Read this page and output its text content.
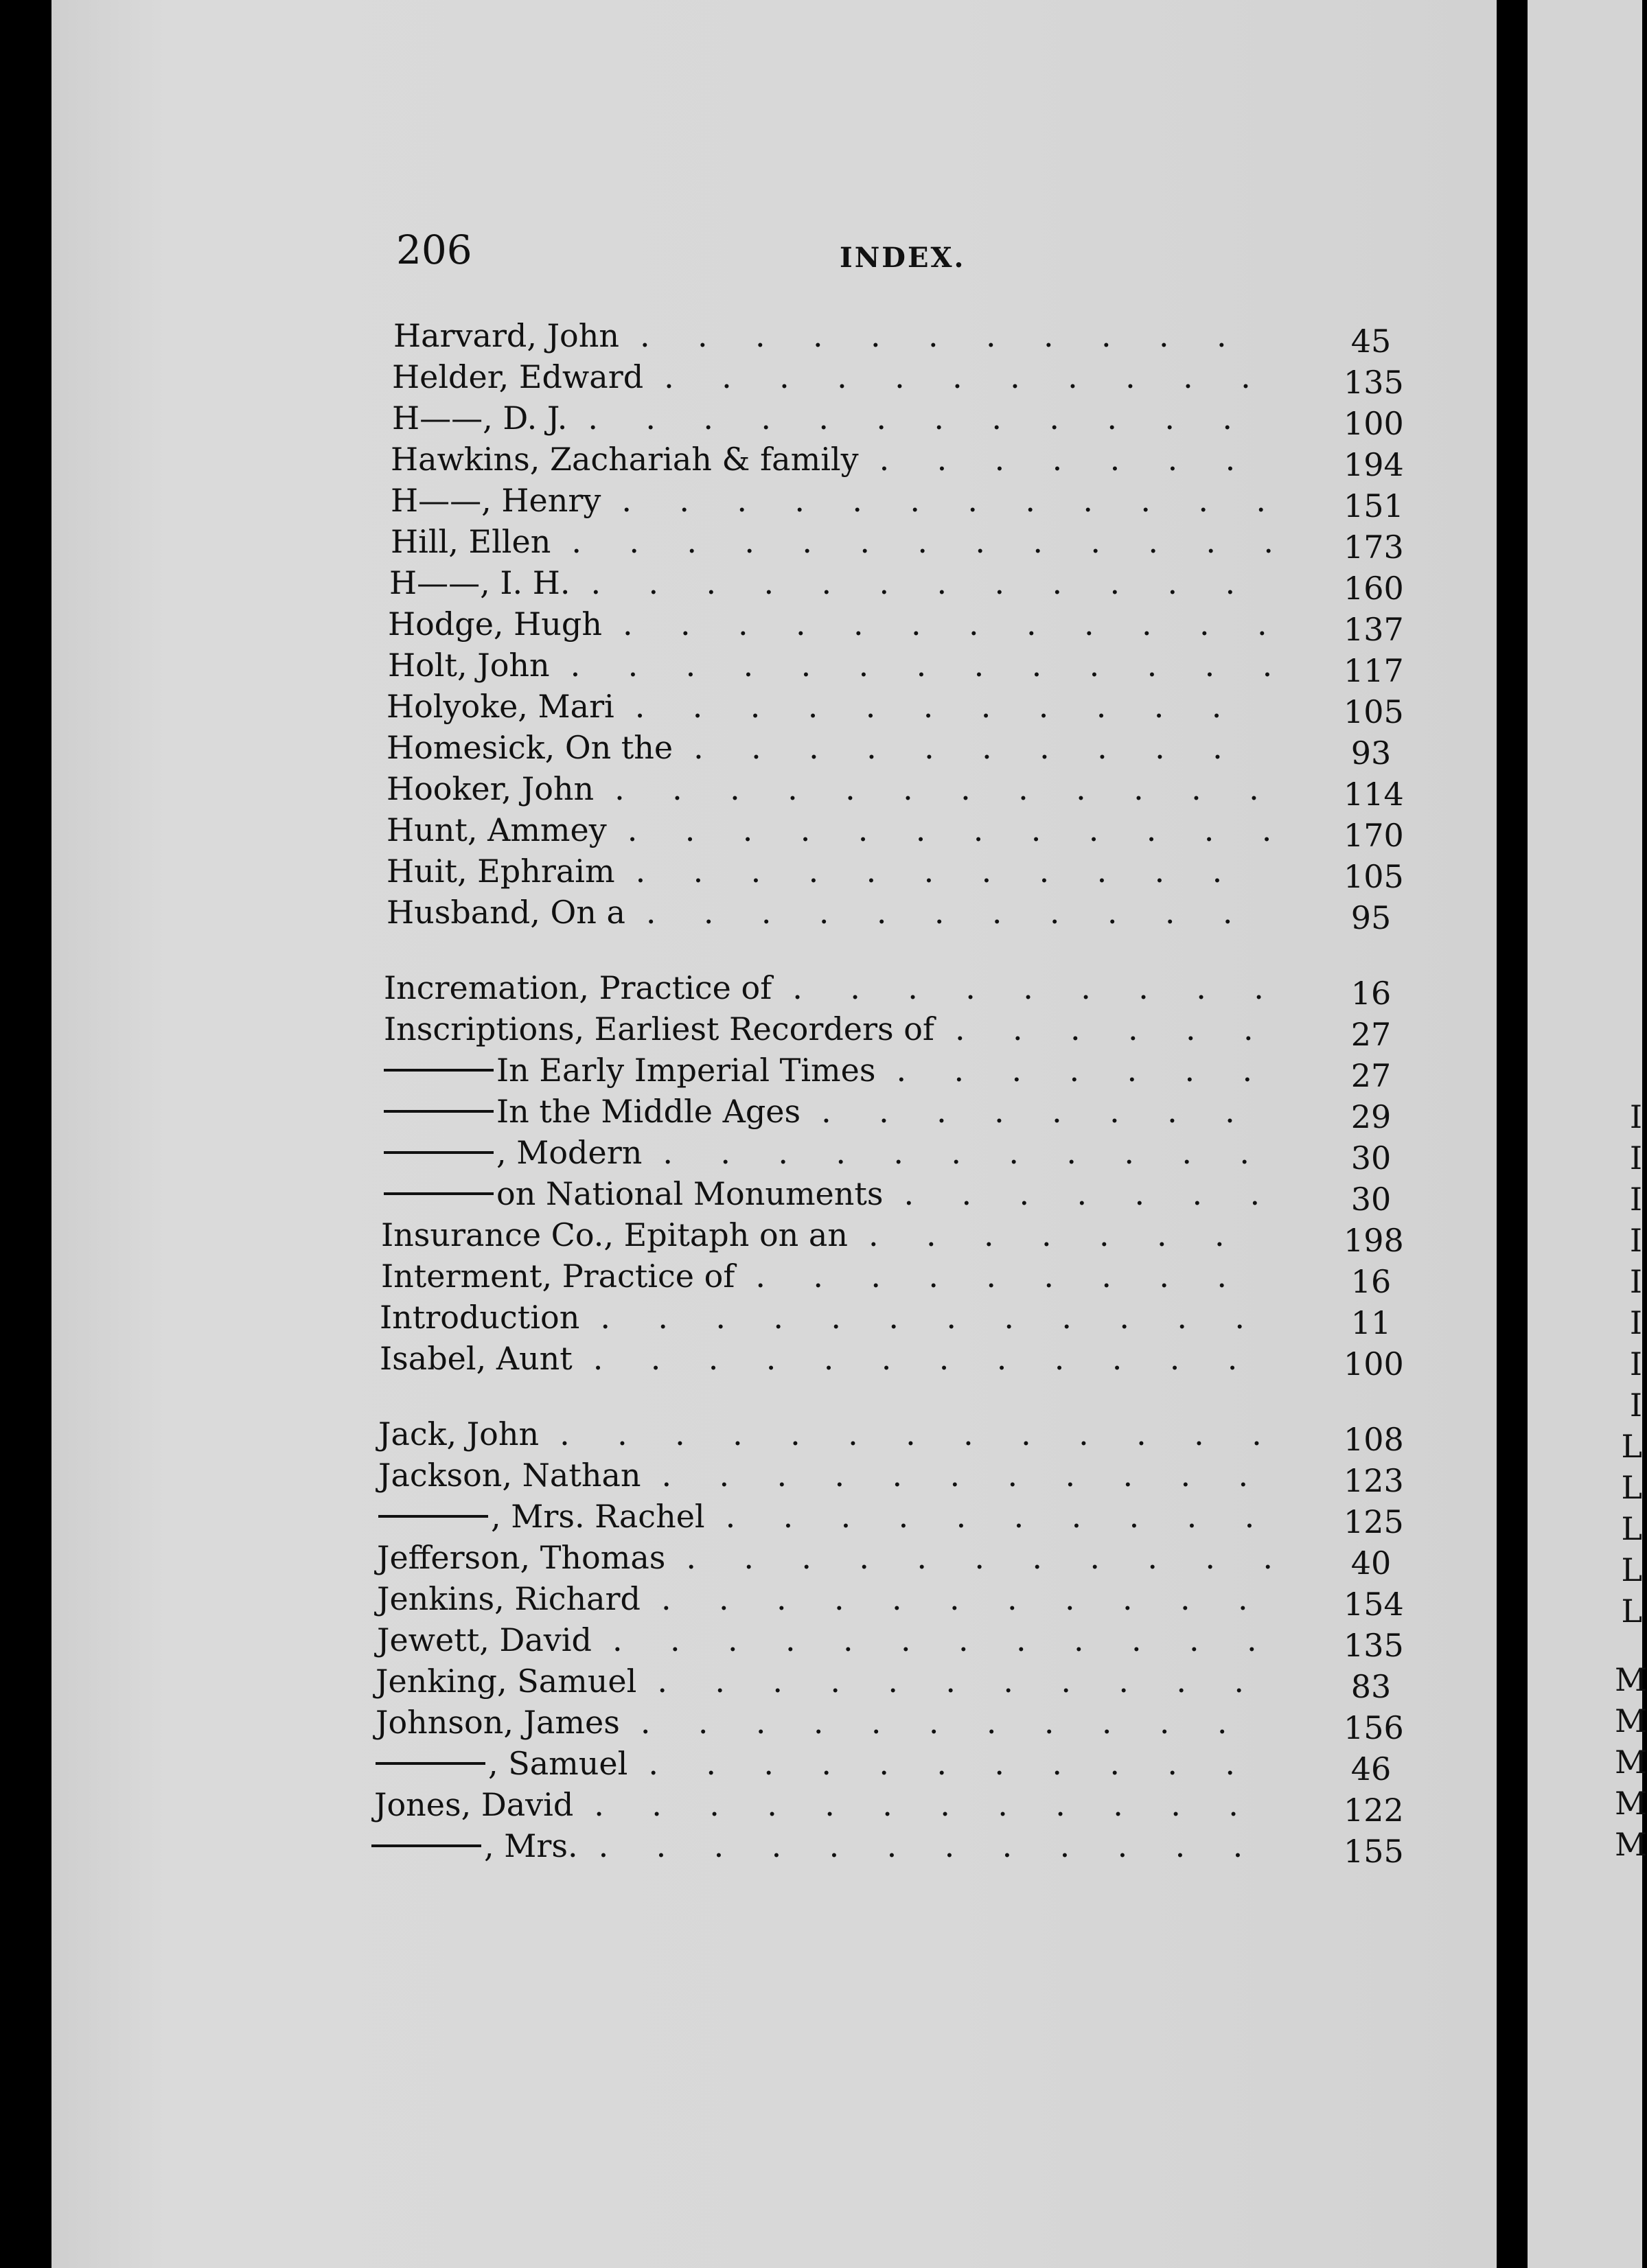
206	INDEX.
Harvard, John	45
. . . . . . . . . . .
Helder, Edward	135
. . . . . . . . . . .
H——, D. J.	100
. . . . . . . . . . . .
Hawkins, Zachariah & family	194
. . . . . . .
H——, Henry	151
. . . . . . . . . . . .
Hill, Ellen	173
. . . . . . . . . . . . .
H——, I. H.	160
. . . . . . . . . . . .
Hodge, Hugh	137
. . . . . . . . . . . .
Holt, John	117
. . . . . . . . . . . . .
Holyoke, Mari	105
. . . . . . . . . . .
Homesick, On the	93
. . . . . . . . . .
Hooker, John	114
. . . . . . . . . . . .
Hunt, Ammey	170
. . . . . . . . . . . .
Huit, Ephraim	105
. . . . . . . . . . .
Husband, On a	95
. . . . . . . . . . .
Incremation, Practice of	16
. . . . . . . . .
Inscriptions, Earliest Recorders of	27
. . . . . .
In Early Imperial Times	27
. . . . . . .
In the Middle Ages	29
. . . . . . . .
, Modern	30
. . . . . . . . . . .
on National Monuments	30
. . . . . . .
Insurance Co., Epitaph on an	198
. . . . . . .
Interment, Practice of	16
. . . . . . . . .
Introduction	11
. . . . . . . . . . . .
Isabel, Aunt	100
. . . . . . . . . . . .
Jack, John	108
. . . . . . . . . . . . .
Jackson, Nathan	123
. . . . . . . . . . .
, Mrs. Rachel	125
. . . . . . . . . .
Jefferson, Thomas	40
. . . . . . . . . . .
Jenkins, Richard	154
. . . . . . . . . . .
Jewett, David	135
. . . . . . . . . . . .
Jenking, Samuel	83
. . . . . . . . . . .
Johnson, James	156
. . . . . . . . . . .
, Samuel	46
. . . . . . . . . . .
Jones, David	122
. . . . . . . . . . . .
, Mrs.	155
. . . . . . . . . . . .
I
I
I
I
I
I
I
I
L
L
L
L
L
M
M
M
M
M
